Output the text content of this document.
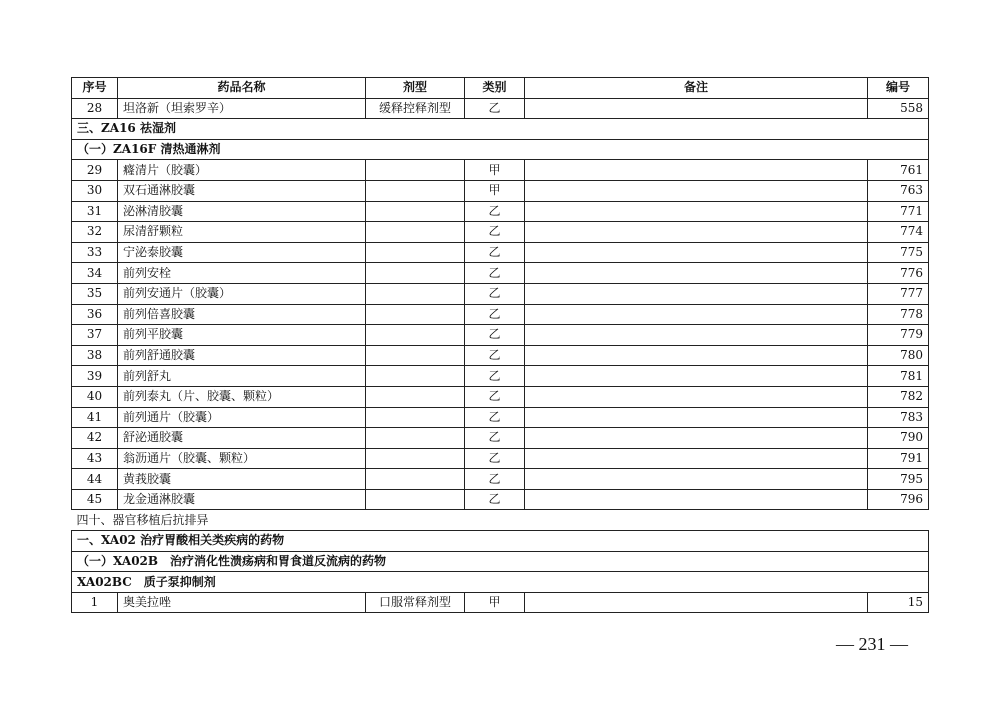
序号	药品名称	剂型	类别	备注	编号
28	坦洛新（坦索罗辛）	缓释控释剂型	乙		558
三、ZA16 祛湿剂					
（一）ZA16F 清热通淋剂					
29	癃清片（胶囊）		甲		761
30	双石通淋胶囊		甲		763
31	泌淋清胶囊		乙		771
32	尿清舒颗粒		乙		774
33	宁泌泰胶囊		乙		775
34	前列安栓		乙		776
35	前列安通片（胶囊）		乙		777
36	前列倍喜胶囊		乙		778
37	前列平胶囊		乙		779
38	前列舒通胶囊		乙		780
39	前列舒丸		乙		781
40	前列泰丸（片、胶囊、颗粒）		乙		782
41	前列通片（胶囊）		乙		783
42	舒泌通胶囊		乙		790
43	翁沥通片（胶囊、颗粒）		乙		791
44	黄莪胶囊		乙		795
45	龙金通淋胶囊		乙		796
四十、器官移植后抗排异					
一、XA02 治疗胃酸相关类疾病的药物					
（一）XA02B　治疗消化性溃疡病和胃食道反流病的药物					
XA02BC　质子泵抑制剂					
1	奥美拉唑	口服常释剂型	甲		15
— 231 —
